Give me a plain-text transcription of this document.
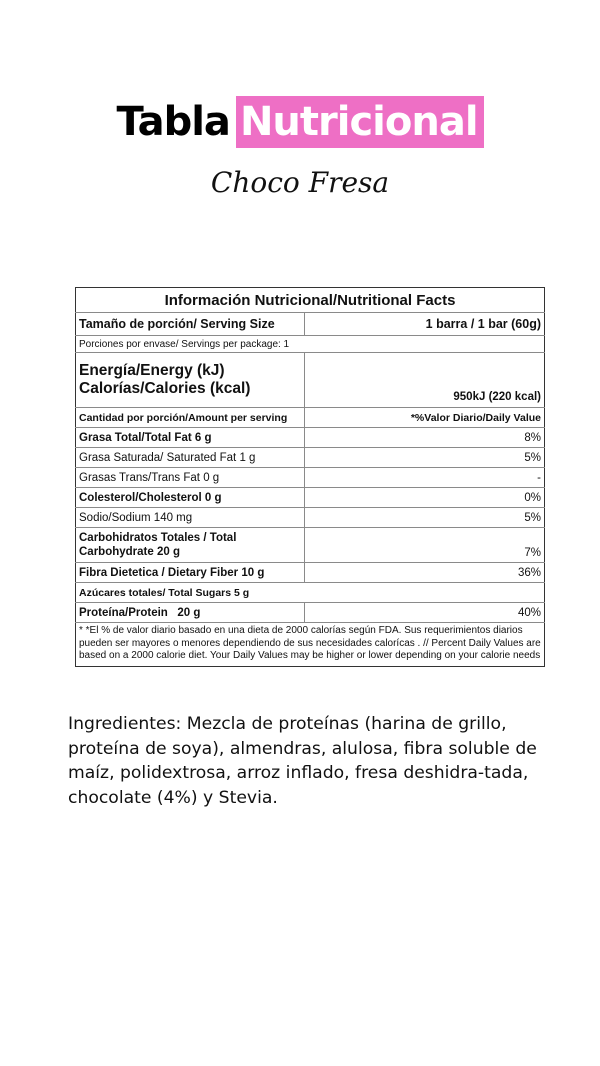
Tabla Nutricional
Choco Fresa
Información Nutricional/Nutritional Facts	
Tamaño de porción/ Serving Size	1 barra / 1 bar (60g)
Porciones por envase/ Servings per package: 1	

Energía/Energy (kJ)
Calorías/Calories (kcal)	950kJ (220 kcal)
Cantidad por porción/Amount per serving	*%Valor Diario/Daily Value
Grasa Total/Total Fat 6 g	8%
Grasa Saturada/ Saturated Fat 1 g	5%
Grasas Trans/Trans Fat 0 g	-
Colesterol/Cholesterol 0 g	0%
Sodio/Sodium 140 mg	5%

Carbohidratos Totales / Total
Carbohydrate 20 g	7%
Fibra Dietetica / Dietary Fiber 10 g	36%
Azúcares totales/ Total Sugars 5 g	
Proteína/Protein   20 g	40%
* *El % de valor diario basado en una dieta de 2000 calorías según FDA. Sus requerimientos diarios pueden ser mayores o menores dependiendo de sus necesidades calorícas . // Percent Daily Values are based on a 2000 calorie diet. Your Daily Values may be higher or lower depending on your calorie needs	
Ingredientes: Mezcla de proteínas (harina de grillo, proteína de soya), almendras, alulosa, fibra soluble de maíz, polidextrosa, arroz inflado, fresa deshidra-tada, chocolate (4%) y Stevia.
